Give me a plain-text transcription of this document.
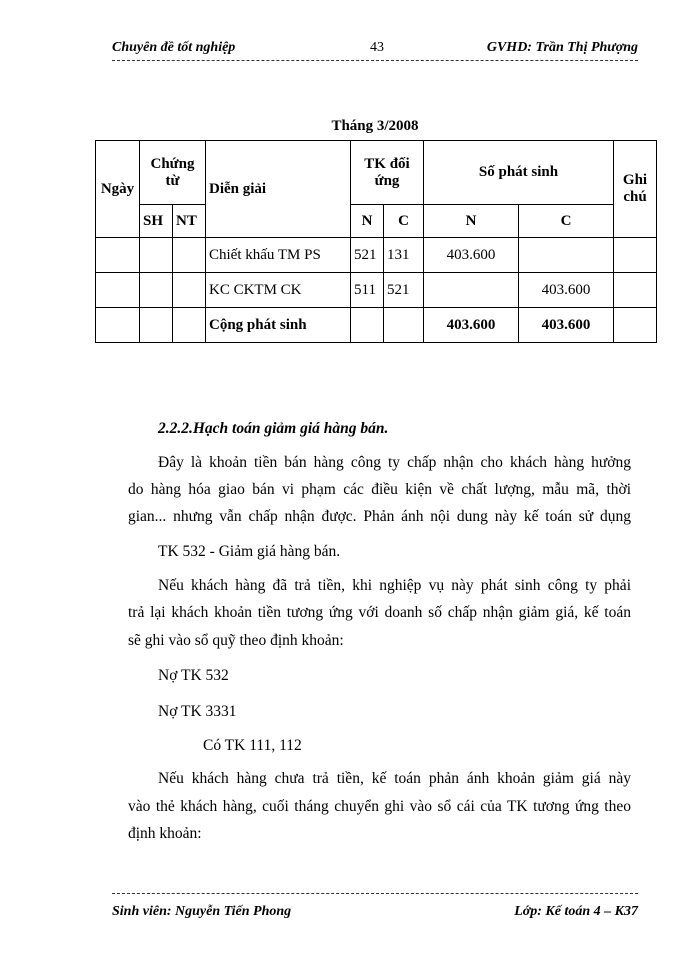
Chuyên đề tốt nghiệp	43	GVHD: Trần Thị Phượng
Tháng 3/2008
Ngày	Chứng từ		Diễn giải	TK đối ứng		Số phát sinh		Ghi chú
	SH	NT		N	C	N	C	
			Chiết khấu TM PS	521	131	403.600		
			KC CKTM CK	511	521		403.600	
			Cộng phát sinh			403.600	403.600	
2.2.2.Hạch toán giảm giá hàng bán.
Đây là khoản tiền bán hàng công ty chấp nhận cho khách hàng hưởng
do hàng hóa giao bán vi phạm các điều kiện về chất lượng, mẫu mã, thời
gian... nhưng vẫn chấp nhận được. Phản ánh nội dung này kế toán sử dụng
TK 532 - Giảm giá hàng bán.
Nếu khách hàng đã trả tiền, khi nghiệp vụ này phát sinh công ty phải
trả lại khách khoản tiền tương ứng với doanh số chấp nhận giảm giá, kế toán
sẽ ghi vào sổ quỹ theo định khoản:
Nợ TK 532
Nợ TK 3331
Có TK 111, 112
Nếu khách hàng chưa trả tiền, kế toán phản ánh khoản giảm giá này
vào thẻ khách hàng, cuối tháng chuyển ghi vào sổ cái của TK tương ứng theo
định khoản:
Sinh viên: Nguyễn Tiến Phong	Lớp: Kế toán 4 – K37
